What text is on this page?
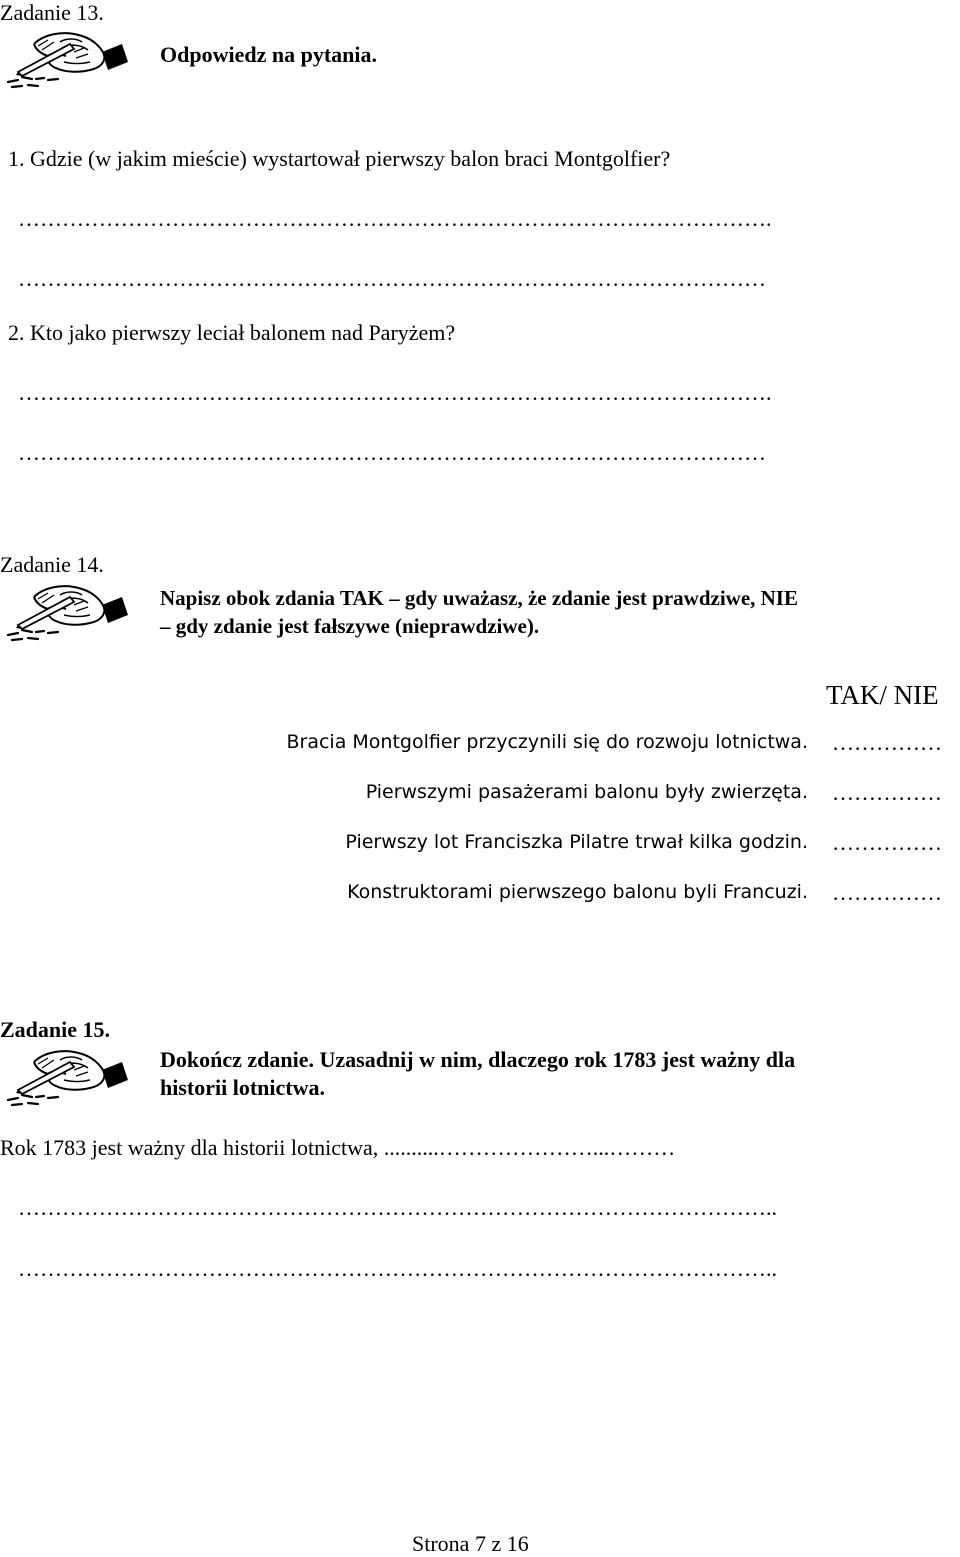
Zadanie 13.
Odpowiedz na pytania.
1. Gdzie (w jakim mieście) wystartował pierwszy balon braci Montgolfier?
………………………………………………………………………………………….
…………………………………………………………………………………………
2. Kto jako pierwszy leciał balonem nad Paryżem?
………………………………………………………………………………………….
…………………………………………………………………………………………
Zadanie 14.
Napisz obok zdania TAK – gdy uważasz, że zdanie jest prawdziwe, NIE
– gdy zdanie jest fałszywe (nieprawdziwe).
TAK/ NIE
Bracia Montgolfier przyczynili się do rozwoju lotnictwa. ……………
Pierwszymi pasażerami balonu były zwierzęta. ……………
Pierwszy lot Franciszka Pilatre trwał kilka godzin. ……………
Konstruktorami pierwszego balonu byli Francuzi. ……………
Zadanie 15.
Dokończ zdanie. Uzasadnij w nim, dlaczego rok 1783 jest ważny dla
historii lotnictwa.
Rok 1783 jest ważny dla historii lotnictwa, ..........…………………...………
…………………………………………………………………………………………..
…………………………………………………………………………………………..
Strona 7 z 16
